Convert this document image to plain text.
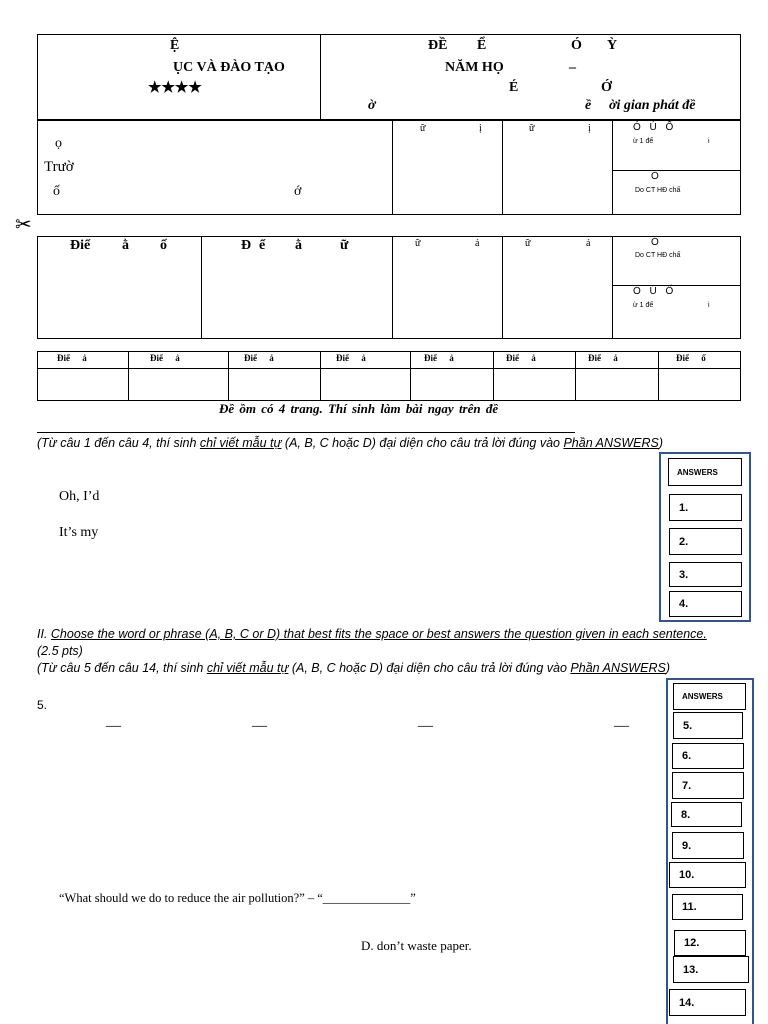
Ệ
ỤC VÀ ĐÀO TẠO
★★★★
ĐỀ Ể	Ó Ỳ
NĂM HỌ	–
É	Ớ
ờ	ề ời gian phát đề
ọ
Trườ
ố	ớ
ữ	ị	ữ	ị	Ó Ú Ố
ừ 1 đế	i
Ó
Do CT HĐ chấ
✂
Điể ằ ố	Đ ể ằ	ữ	ữ	ả	ữ	ả	Ó
Do CT HĐ chấ
Ó Ú Ố
ừ 1 đế	i
Điể ả	Điể ả	Điể ả	Điể ả	Điể ả	Điể ả	Điể ả	Điể ố
Đề ồm có 4 trang. Thí sinh làm bài ngay trên đề
(Từ câu 1 đến câu 4, thí sinh chỉ viết mẫu tự (A, B, C hoặc D) đại diện cho câu trả lời đúng vào Phần ANSWERS)
Oh, I’d
It’s my
ANSWERS
1.
2.
3.
4.
II. Choose the word or phrase (A, B, C or D) that best fits the space or best answers the question given in each sentence.
(2.5 pts)
(Từ câu 5 đến câu 14, thí sinh chỉ viết mẫu tự (A, B, C hoặc D) đại diện cho câu trả lời đúng vào Phần ANSWERS)
5.
—	—	—	—
“What should we do to reduce the air pollution?” – “______________”
D. don’t waste paper.
ANSWERS
5.
6.
7.
8.
9.
10.
11.
12.
13.
14.
